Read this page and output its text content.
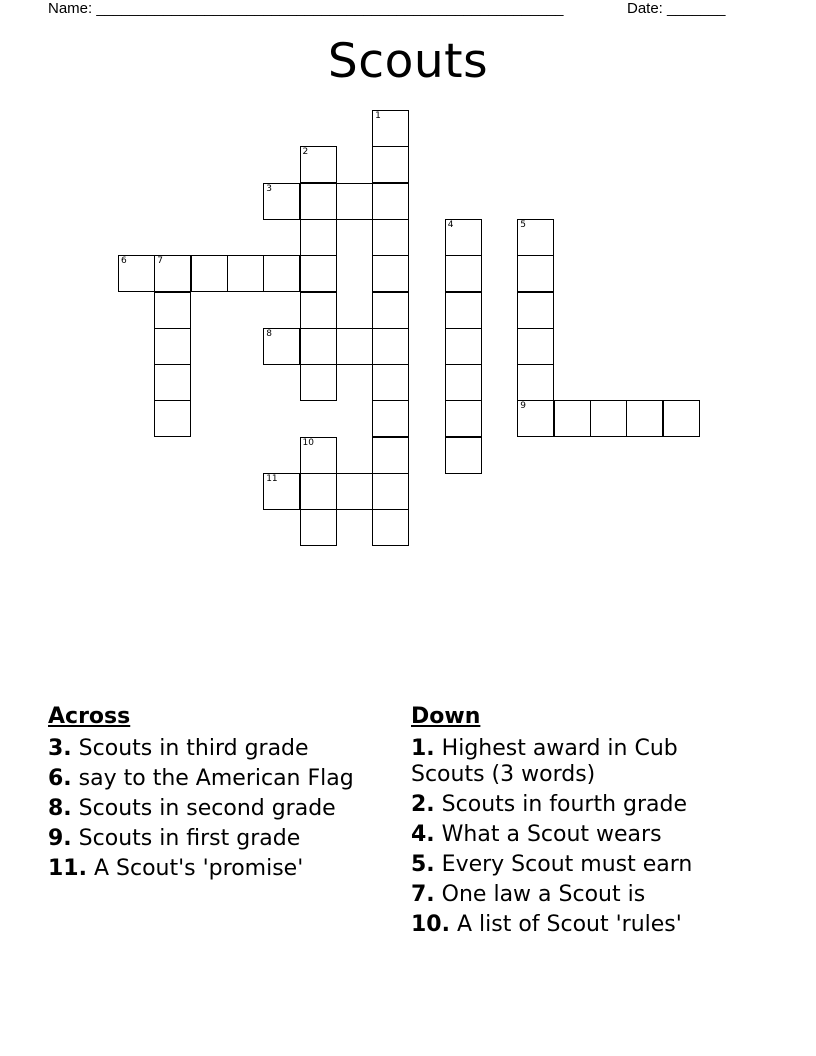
Name: ________________________________________________________	Date: _______
Scouts
1
2
3
4	5
6	7
8
9
10
11
Across
3. Scouts in third grade
6. say to the American Flag
8. Scouts in second grade
9. Scouts in first grade
11. A Scout's 'promise'
Down
1. Highest award in Cub Scouts (3 words)
2. Scouts in fourth grade
4. What a Scout wears
5. Every Scout must earn
7. One law a Scout is
10. A list of Scout 'rules'
